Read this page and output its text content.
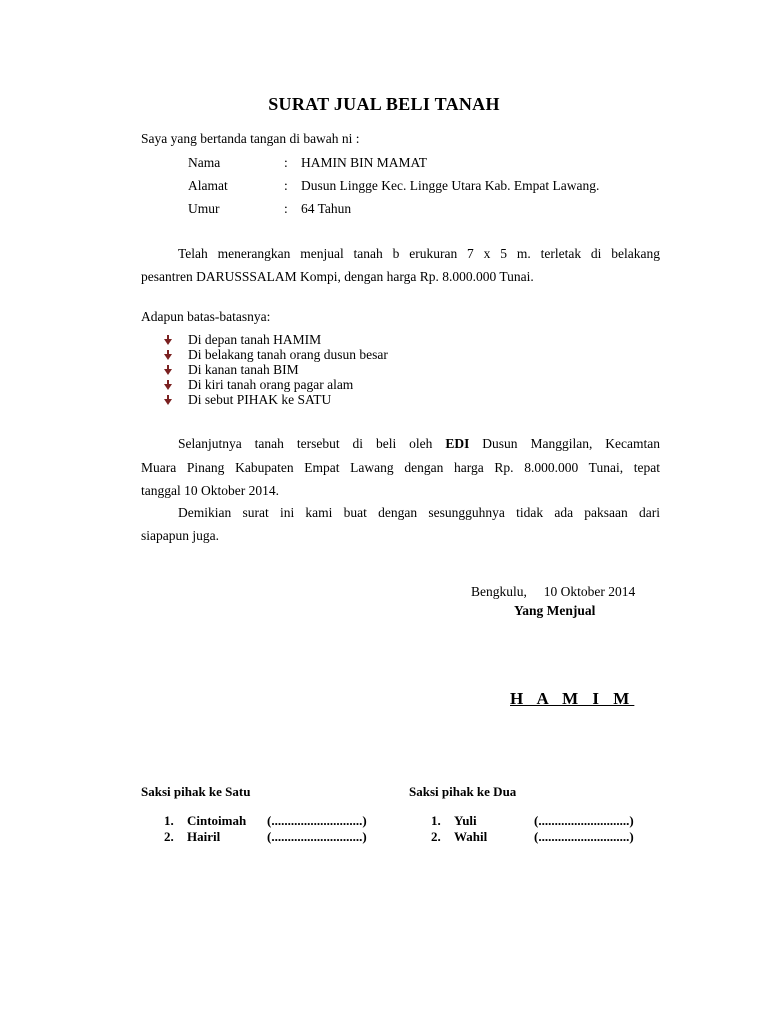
SURAT JUAL BELI TANAH

Saya yang bertanda tangan di bawah ni :

Nama	: HAMIN BIN MAMAT
Alamat	: Dusun Lingge Kec. Lingge Utara Kab. Empat Lawang.
Umur	: 64 Tahun

Telah menerangkan menjual tanah b erukuran 7 x 5 m. terletak di belakang

pesantren DARUSSSALAM Kompi, dengan harga Rp. 8.000.000 Tunai.

Adapun batas-batasnya:

Di depan tanah HAMIM
Di belakang tanah orang dusun besar
Di kanan tanah BIM
Di kiri tanah orang pagar alam
Di sebut PIHAK ke SATU

Selanjutnya tanah tersebut di beli oleh EDI Dusun Manggilan, Kecamtan

Muara Pinang Kabupaten Empat Lawang dengan harga Rp. 8.000.000 Tunai, tepat

tanggal 10 Oktober 2014.

Demikian surat ini kami buat dengan sesungguhnya tidak ada paksaan dari

siapapun juga.

Bengkulu,     10 Oktober 2014

Yang Menjual

H A M I M
Saksi pihak ke Satu
1. Cintoimah (............................)
2. Hairil	(............................)
Saksi pihak ke Dua
1. Yuli	(............................)
2. Wahil	(............................)
